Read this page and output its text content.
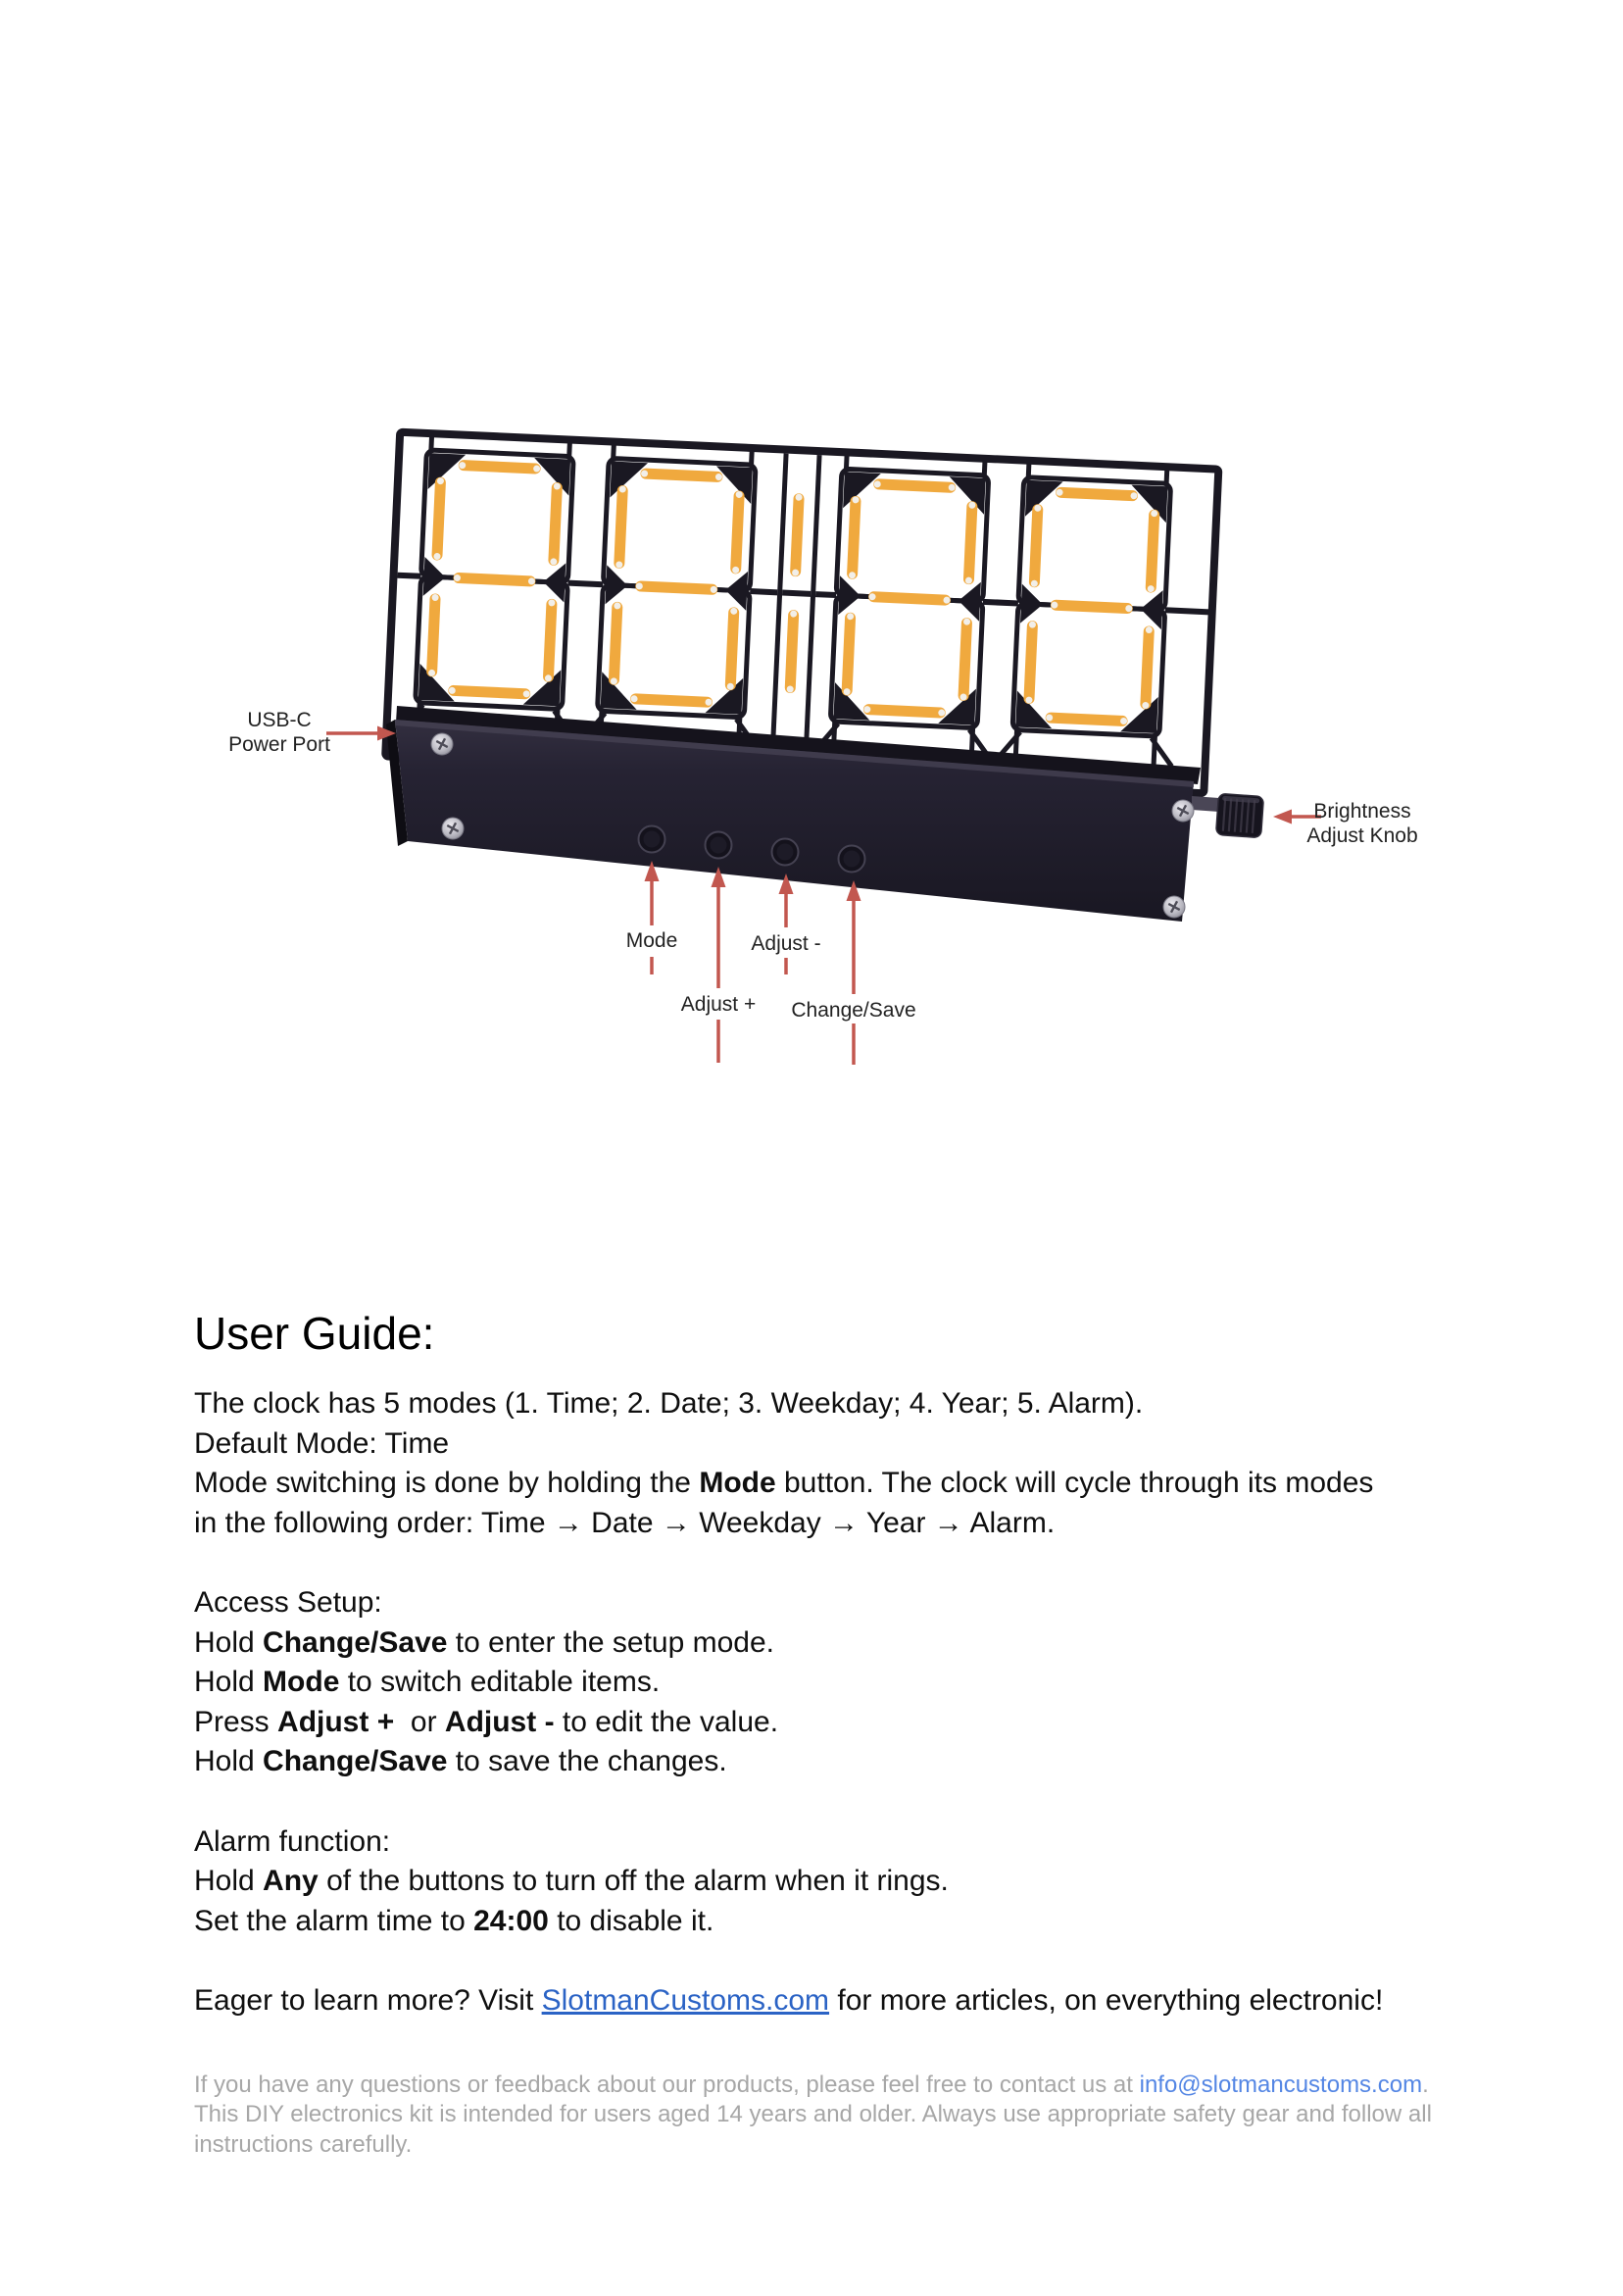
USB-C
Power Port
Brightness
Adjust Knob
Mode	Adjust -
Adjust +	Change/Save
User Guide:
The clock has 5 modes (1. Time; 2. Date; 3. Weekday; 4. Year; 5. Alarm).
Default Mode: Time
Mode switching is done by holding the Mode button. The clock will cycle through its modes
in the following order: Time → Date → Weekday → Year → Alarm.
Access Setup:
Hold Change/Save to enter the setup mode.
Hold Mode to switch editable items.
Press Adjust +  or Adjust - to edit the value.
Hold Change/Save to save the changes.
Alarm function:
Hold Any of the buttons to turn off the alarm when it rings.
Set the alarm time to 24:00 to disable it.
Eager to learn more? Visit SlotmanCustoms.com for more articles, on everything electronic!
If you have any questions or feedback about our products, please feel free to contact us at info@slotmancustoms.com.
This DIY electronics kit is intended for users aged 14 years and older. Always use appropriate safety gear and follow all
instructions carefully.
